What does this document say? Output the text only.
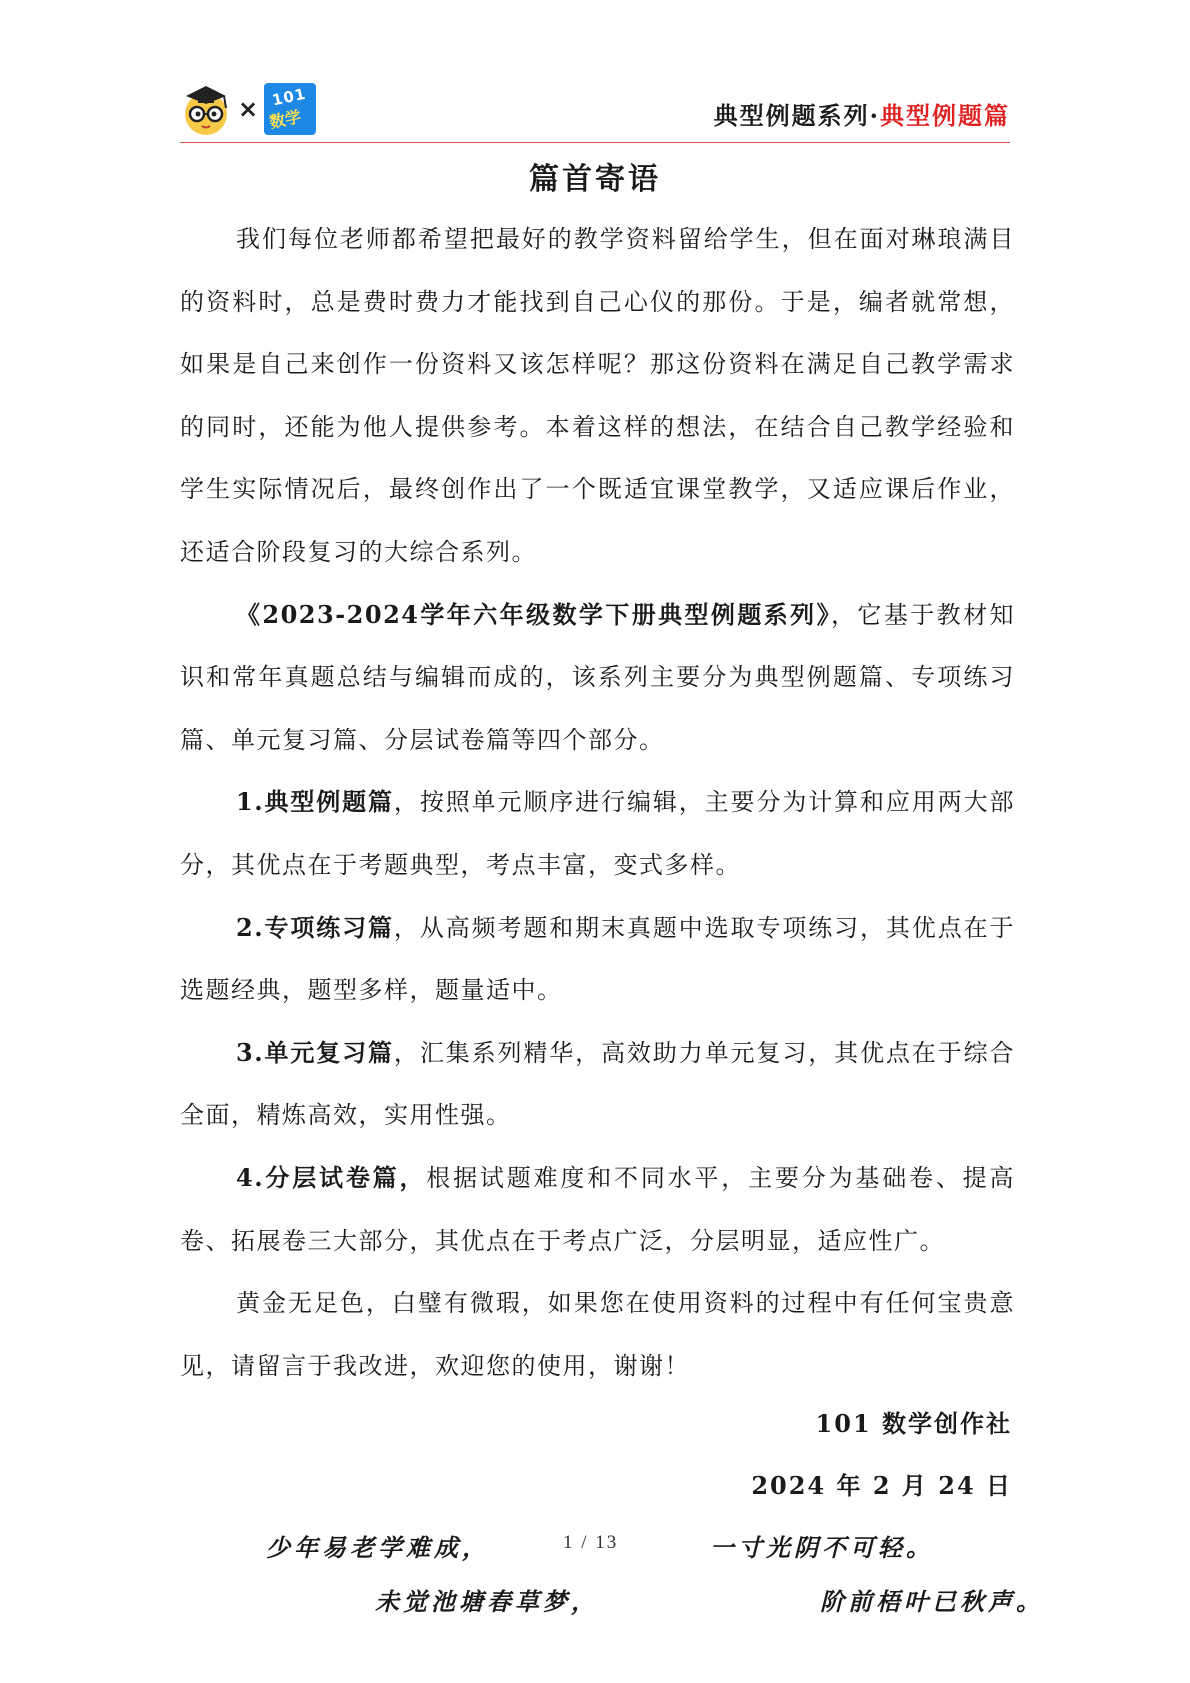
× 101
数学	典型例题系列·典型例题篇
篇首寄语

我们每位老师都希望把最好的教学资料留给学生，但在面对琳琅满目的资料时，总是费时费力才能找到自己心仪的那份。于是，编者就常想，如果是自己来创作一份资料又该怎样呢？那这份资料在满足自己教学需求的同时，还能为他人提供参考。本着这样的想法，在结合自己教学经验和学生实际情况后，最终创作出了一个既适宜课堂教学，又适应课后作业，还适合阶段复习的大综合系列。

《2023-2024学年六年级数学下册典型例题系列》，它基于教材知识和常年真题总结与编辑而成的，该系列主要分为典型例题篇、专项练习篇、单元复习篇、分层试卷篇等四个部分。

1.典型例题篇，按照单元顺序进行编辑，主要分为计算和应用两大部分，其优点在于考题典型，考点丰富，变式多样。

2.专项练习篇，从高频考题和期末真题中选取专项练习，其优点在于选题经典，题型多样，题量适中。

3.单元复习篇，汇集系列精华，高效助力单元复习，其优点在于综合全面，精炼高效，实用性强。

4.分层试卷篇，根据试题难度和不同水平，主要分为基础卷、提高卷、拓展卷三大部分，其优点在于考点广泛，分层明显，适应性广。

黄金无足色，白璧有微瑕，如果您在使用资料的过程中有任何宝贵意见，请留言于我改进，欢迎您的使用，谢谢！

101 数学创作社
2024 年 2 月 24 日
少年易老学难成，	1 / 13	一寸光阴不可轻。
未觉池塘春草梦，	阶前梧叶已秋声。
